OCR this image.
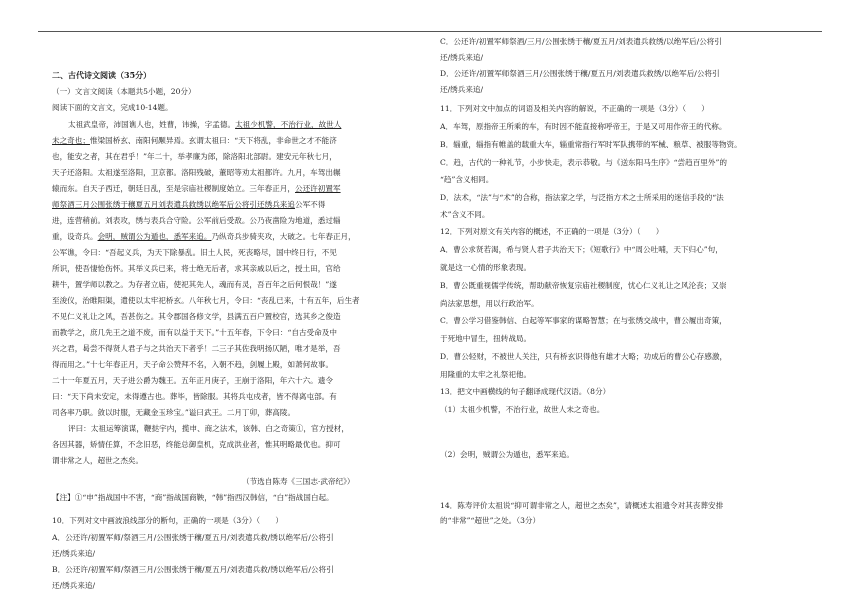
二、古代诗文阅读（35分）
（一）文言文阅读（本题共5小题，20分）
阅读下面的文言文，完成10-14题。
太祖武皇帝，沛国谯人也，姓曹，讳操，字孟德。太祖少机警，不治行业，故世人
未之奇也；惟梁国桥玄、南阳何颙异焉。玄谓太祖曰：“天下将乱，非命世之才不能济
也，能安之者，其在君乎！”年二十，举孝廉为郎，除洛阳北部尉。建安元年秋七月，
天子还洛阳。太祖遂至洛阳，卫京都。洛阳残破，董昭等劝太祖都许。九月，车驾出辗
辕而东。自天子西迁，朝廷日乱，至是宗庙社稷制度始立。三年春正月，公还许初置军
师祭酒三月公围张绣于穰夏五月刘表遣兵救绣以绝军后公将引还绣兵来追公军不得
进，连营稍前。刘表攻，绣与表兵合守险。公军前后受敌。公乃夜凿险为地道，悉过辎
重，设奇兵。会明，贼谓公为遁也，悉军来追。乃纵奇兵步骑夹攻，大破之。七年春正月，
公军谯，令曰：“吾起义兵，为天下除暴乱。旧土人民，死丧略尽，国中终日行，不见
所识，使吾悽怆伤怀。其举义兵已来，将士绝无后者，求其亲戚以后之，授土田，官给
耕牛，置学师以教之。为存者立庙，使祀其先人，魂而有灵，吾百年之后何恨哉！”遂
至浚仪，治睢阳渠，遣使以太牢祀桥玄。八年秋七月，令曰：“丧乱已来，十有五年，后生者
不见仁义礼让之风，吾甚伤之。其令郡国各修文学，县满五百户置校官，选其乡之俊造
而教学之，庶几先王之道不废，而有以益于天下。”十五年春，下令曰：“自古受命及中
兴之君，曷尝不得贤人君子与之共治天下者乎！二三子其佐我明扬仄陋，唯才是举，吾
得而用之。”十七年春正月，天子命公赞拜不名，入朝不趋，剑履上殿，如萧何故事。
二十一年夏五月，天子进公爵为魏王。五年正月庚子，王崩于洛阳，年六十六。遗令
曰：“天下尚未安定，未得遵古也。葬毕，皆除服。其将兵屯戍者，皆不得离屯部。有
司各率乃职。敛以时服，无藏金玉珍宝。”谥曰武王。二月丁卯，葬高陵。
评曰：太祖运筹演谋，鞭挞宇内，揽申、商之法术，该韩、白之奇策①，官方授材，
各因其器，矫情任算，不念旧恶，终能总御皇机，克成洪业者，惟其明略最优也。抑可
谓非常之人，超世之杰矣。
（节选自陈寿《三国志·武帝纪》）
【注】①“申”指战国中不害，“商”指战国商鞅，“韩”指西汉韩信，“白”指战国白起。
10．下列对文中画波浪线部分的断句，正确的一项是（3分）（　　）
A．公还许/初置军师/祭酒三月/公围张绣于穰/夏五月/刘表遣兵救/绣以绝军后/公将引
还/绣兵来追/
B．公还许/初置军师/祭酒三月/公围张绣于穰/夏五月/刘表遣兵救/绣以绝军后/公将引
还/绣兵来追/
C．公还许/初置军师祭酒/三月/公围张绣于穰/夏五月/刘表遣兵救绣/以绝军后/公将引
还/绣兵来追/
D．公还许/初置军师祭酒三月/公围张绣于穰/夏五月/刘表遣兵救绣/以绝军后/公将引
还/绣兵来追/
11．下列对文中加点的词语及相关内容的解说，不正确的一项是（3分）（　　）
A．车驾，原指帝王所乘的车，有时因不能直接称呼帝王，于是又可用作帝王的代称。
B．辎重，辎指有帷盖的载重大车，辎重常指行军时军队携带的军械、粮草、被服等物资。
C．趋，古代的一种礼节，小步快走，表示恭敬。与《送东阳马生序》“尝趋百里外”的
“趋”含义相同。
D．法术，“法”与“术”的合称，指法家之学，与泛指方术之士所采用的迷信手段的“法
术”含义不同。
12．下列对原文有关内容的概述，不正确的一项是（3分）（　　）
A．曹公求贤若渴，希与贤人君子共治天下；《短歌行》中“周公吐哺，天下归心”句，
就是这一心情的形象表现。
B．曹公既重视儒学传统，帮助献帝恢复宗庙社稷制度，忧心仁义礼让之风沦丧；又崇
尚法家思想，用以行政治军。
C．曹公学习借鉴韩信、白起等军事家的谋略智慧；在与张绣交战中，曹公履出奇策，
于死地中冒生，扭转战局。
D．曹公轻财，不被世人关注，只有桥玄识得他有雄才大略；功成后的曹公心存感激，
用隆重的太牢之礼祭祀他。
13．把文中画横线的句子翻译成现代汉语。（8分）
（1）太祖少机警，不治行业，故世人未之奇也。
（2）会明，贼谓公为遁也，悉军来追。
14．陈寿评价太祖说“抑可谓非常之人，超世之杰矣”，请概述太祖遗令对其丧葬安排
的“非常”“超世”之处。（3分）
